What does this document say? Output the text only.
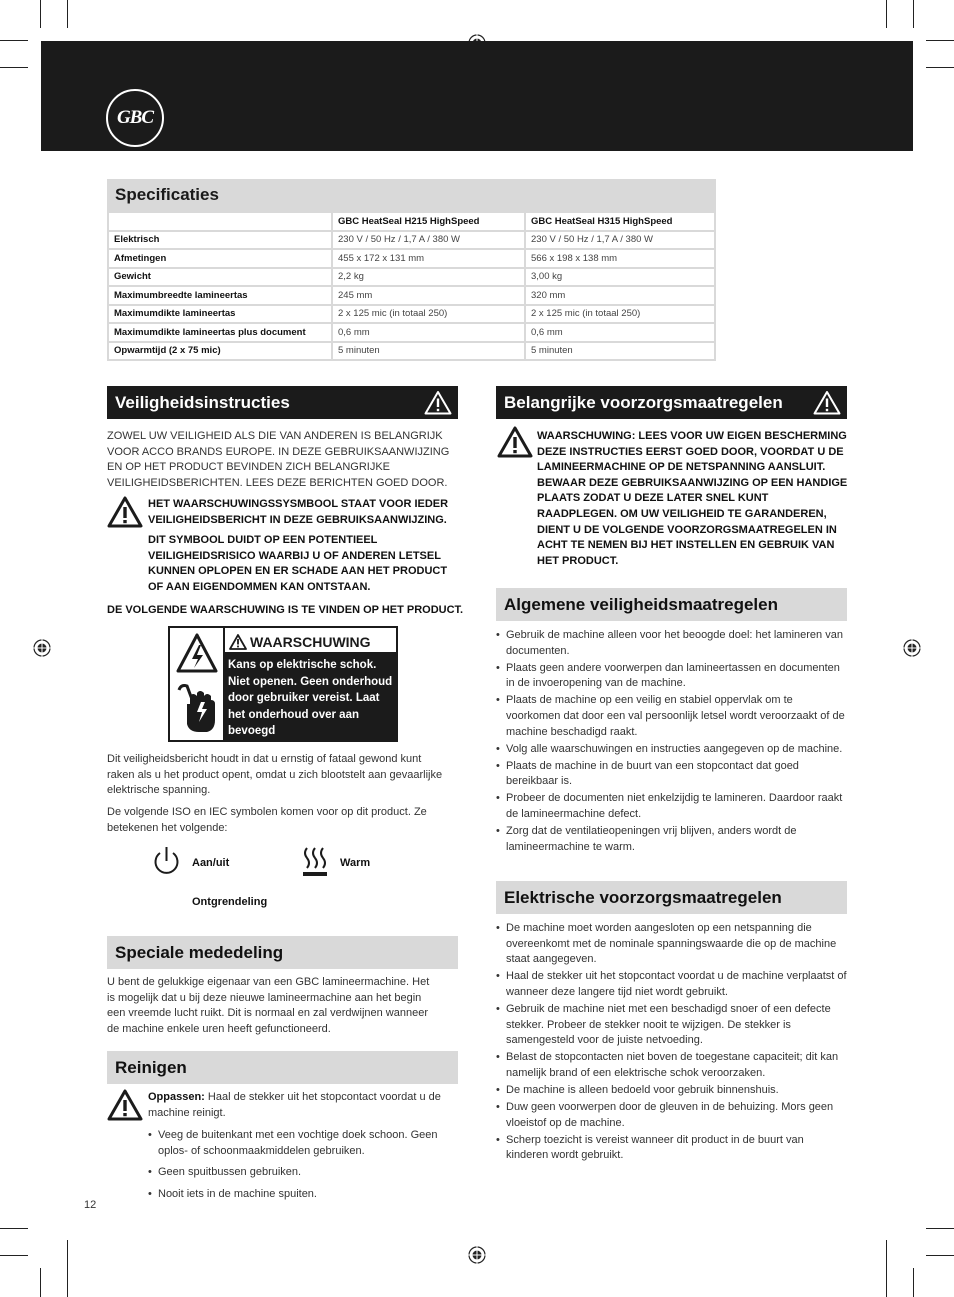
GBC
Specificaties
	GBC HeatSeal H215 HighSpeed	GBC HeatSeal H315 HighSpeed
Elektrisch	230 V / 50 Hz / 1,7 A / 380 W	230 V / 50 Hz / 1,7 A / 380 W
Afmetingen	455 x 172 x 131 mm	566 x 198 x 138 mm
Gewicht	2,2 kg	3,00 kg
Maximumbreedte lamineertas	245 mm	320 mm
Maximumdikte lamineertas	2 x 125 mic (in totaal 250)	2 x 125 mic (in totaal 250)
Maximumdikte lamineertas plus document	0,6 mm	0,6 mm
Opwarmtijd (2 x 75 mic)	5 minuten	5 minuten
Veiligheidsinstructies
ZOWEL UW VEILIGHEID ALS DIE VAN ANDEREN IS BELANGRIJK VOOR ACCO BRANDS EUROPE. IN DEZE GEBRUIKSAANWIJZING EN OP HET PRODUCT BEVINDEN ZICH BELANGRIJKE VEILIGHEIDSBERICHTEN. LEES DEZE BERICHTEN GOED DOOR.
HET WAARSCHUWINGSSYSMBOOL STAAT VOOR IEDER VEILIGHEIDSBERICHT IN DEZE GEBRUIKSAANWIJZING.
DIT SYMBOOL DUIDT OP EEN POTENTIEEL VEILIGHEIDSRISICO WAARBIJ U OF ANDEREN LETSEL KUNNEN OPLOPEN EN ER SCHADE AAN HET PRODUCT OF AAN EIGENDOMMEN KAN ONTSTAAN.
DE VOLGENDE WAARSCHUWING IS TE VINDEN OP HET PRODUCT.
WAARSCHUWING
Kans op elektrische schok. Niet openen. Geen onderhoud door gebruiker vereist. Laat het onderhoud over aan bevoegd onderhoudspersoneel.
Dit veiligheidsbericht houdt in dat u ernstig of fataal gewond kunt raken als u het product opent, omdat u zich blootstelt aan gevaarlijke elektrische spanning.
De volgende ISO en IEC symbolen komen voor op dit product. Ze betekenen het volgende:
Aan/uit	Warm
Ontgrendeling
Speciale mededeling
U bent de gelukkige eigenaar van een GBC lamineermachine. Het is mogelijk dat u bij deze nieuwe lamineermachine aan het begin een vreemde lucht ruikt. Dit is normaal en zal verdwijnen wanneer de machine enkele uren heeft gefunctioneerd.
Reinigen
Oppassen: Haal de stekker uit het stopcontact voordat u de machine reinigt.
• Veeg de buitenkant met een vochtige doek schoon. Geen oplos- of schoonmaakmiddelen gebruiken.
• Geen spuitbussen gebruiken.
• Nooit iets in de machine spuiten.
12
Belangrijke voorzorgsmaatregelen
WAARSCHUWING: LEES VOOR UW EIGEN BESCHERMING DEZE INSTRUCTIES EERST GOED DOOR, VOORDAT U DE LAMINEERMACHINE OP DE NETSPANNING AANSLUIT. BEWAAR DEZE GEBRUIKSAANWIJZING OP EEN HANDIGE PLAATS ZODAT U DEZE LATER SNEL KUNT RAADPLEGEN. OM UW VEILIGHEID TE GARANDEREN, DIENT U DE VOLGENDE VOORZORGSMAATREGELEN IN ACHT TE NEMEN BIJ HET INSTELLEN EN GEBRUIK VAN HET PRODUCT.
Algemene veiligheidsmaatregelen
• Gebruik de machine alleen voor het beoogde doel: het lamineren van documenten.
• Plaats geen andere voorwerpen dan lamineertassen en documenten in de invoeropening van de machine.
• Plaats de machine op een veilig en stabiel oppervlak om te voorkomen dat door een val persoonlijk letsel wordt veroorzaakt of de machine beschadigd raakt.
• Volg alle waarschuwingen en instructies aangegeven op de machine.
• Plaats de machine in de buurt van een stopcontact dat goed bereikbaar is.
• Probeer de documenten niet enkelzijdig te lamineren. Daardoor raakt de lamineermachine defect.
• Zorg dat de ventilatieopeningen vrij blijven, anders wordt de lamineermachine te warm.
Elektrische voorzorgsmaatregelen
• De machine moet worden aangesloten op een netspanning die overeenkomt met de nominale spanningswaarde die op de machine staat aangegeven.
• Haal de stekker uit het stopcontact voordat u de machine verplaatst of wanneer deze langere tijd niet wordt gebruikt.
• Gebruik de machine niet met een beschadigd snoer of een defecte stekker. Probeer de stekker nooit te wijzigen. De stekker is samengesteld voor de juiste netvoeding.
• Belast de stopcontacten niet boven de toegestane capaciteit; dit kan namelijk brand of een elektrische schok veroorzaken.
• De machine is alleen bedoeld voor gebruik binnenshuis.
• Duw geen voorwerpen door de gleuven in de behuizing. Mors geen vloeistof op de machine.
• Scherp toezicht is vereist wanneer dit product in de buurt van kinderen wordt gebruikt.
